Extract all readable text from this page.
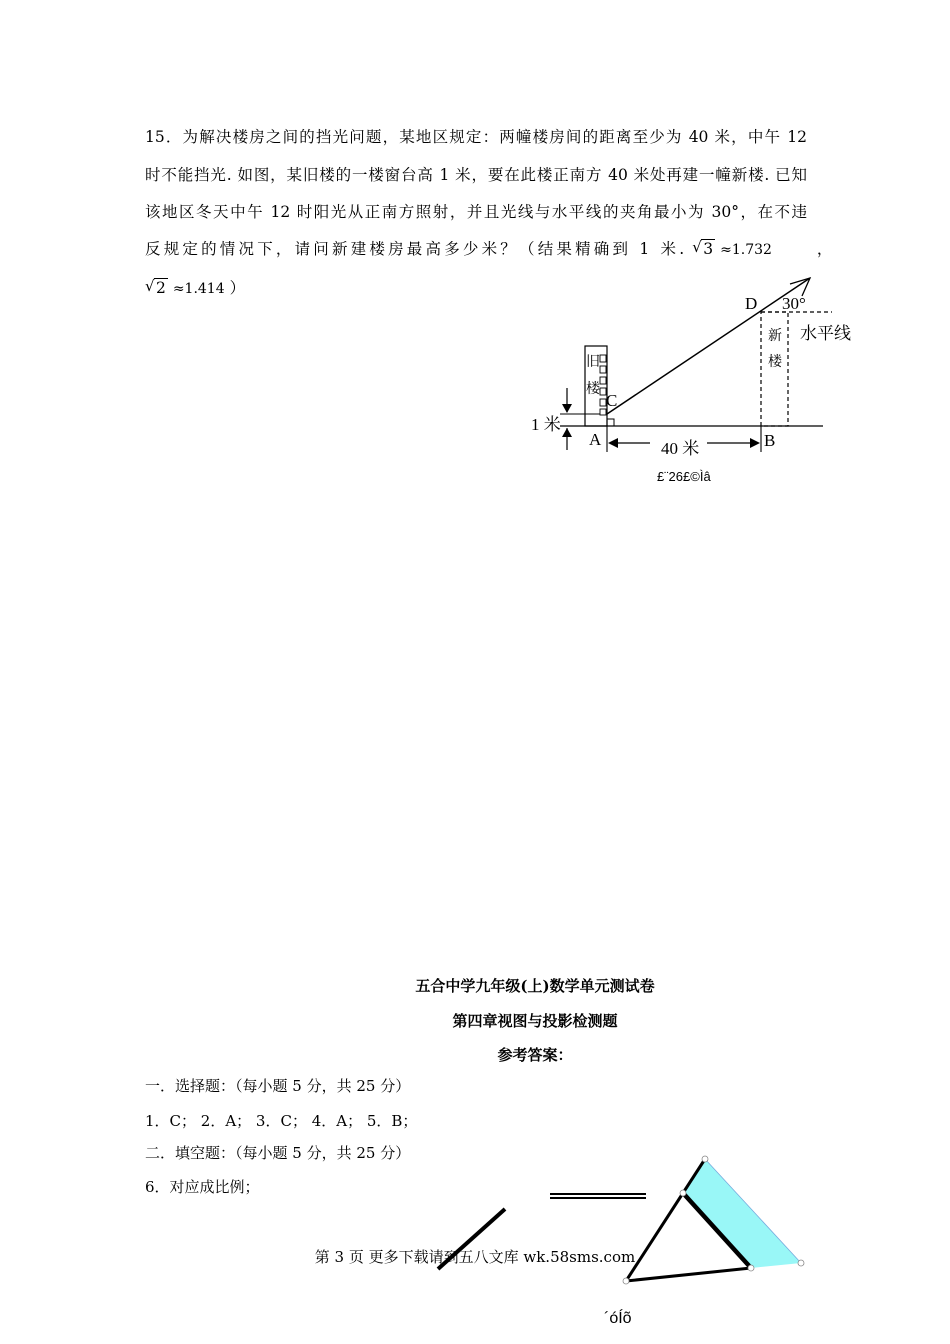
15．为解决楼房之间的挡光问题，某地区规定：两幢楼房间的距离至少为 40 米，中午 12
时不能挡光. 如图，某旧楼的一楼窗台高 1 米，要在此楼正南方 40 米处再建一幢新楼. 已知
该地区冬天中午 12 时阳光从正南方照射，并且光线与水平线的夹角最小为 30°，在不违
反规定的情况下，请问新建楼房最高多少米？（结果精确到 1 米. √ 3 ≈1.732	，
√ 2 ≈1.414 ）
D 30°
水平线
新
楼
旧
楼
C
1 米
A	40 米	B
£¨26£©Ìâ
五合中学九年级(上)数学单元测试卷
第四章视图与投影检测题
参考答案：
一．选择题：（每小题 5 分，共 25 分）
1．C； 2．A； 3．C； 4．A； 5．B；
二．填空题：（每小题 5 分，共 25 分）
6．对应成比例；
第 3 页 更多下载请到五八文库 wk.58sms.com
´óÍõ
